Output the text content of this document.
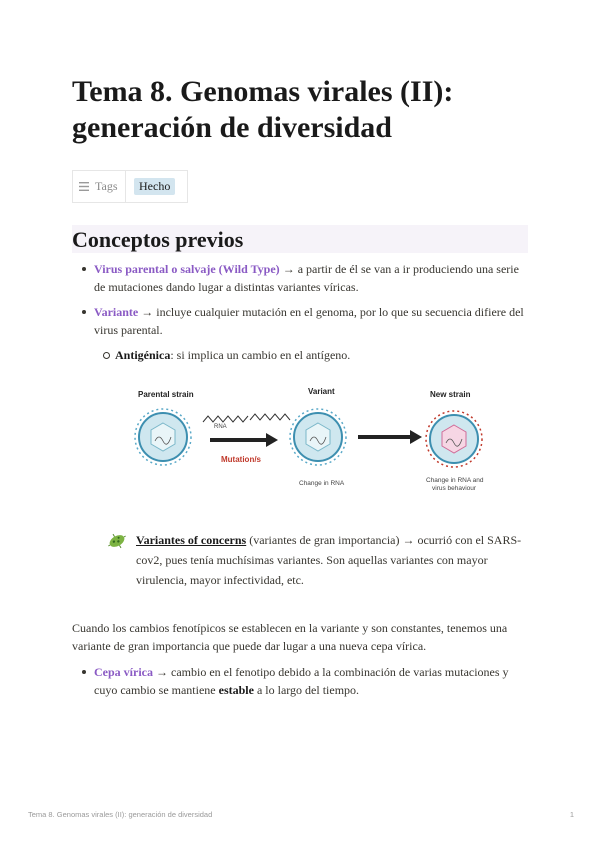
Tema 8. Genomas virales (II):
generación de diversidad
Tags	Hecho
Conceptos previos
Virus parental o salvaje (Wild Type) → a partir de él se van a ir produciendo una serie de mutaciones dando lugar a distintas variantes víricas.
Variante → incluye cualquier mutación en el genoma, por lo que su secuencia difiere del virus parental.
Antigénica: si implica un cambio en el antígeno.
Parental strain	Variant	New strain
RNA
Mutation/s
Change in RNA	Change in RNA and
virus behaviour

Variantes of concerns (variantes de gran importancia) → ocurrió con el SARS-cov2, pues tenía muchísimas variantes. Son aquellas variantes con mayor virulencia, mayor infectividad, etc.

Cuando los cambios fenotípicos se establecen en la variante y son constantes, tenemos una variante de gran importancia que puede dar lugar a una nueva cepa vírica.

Cepa vírica → cambio en el fenotipo debido a la combinación de varias mutaciones y cuyo cambio se mantiene estable a lo largo del tiempo.
Tema 8. Genomas virales (II): generación de diversidad	1
